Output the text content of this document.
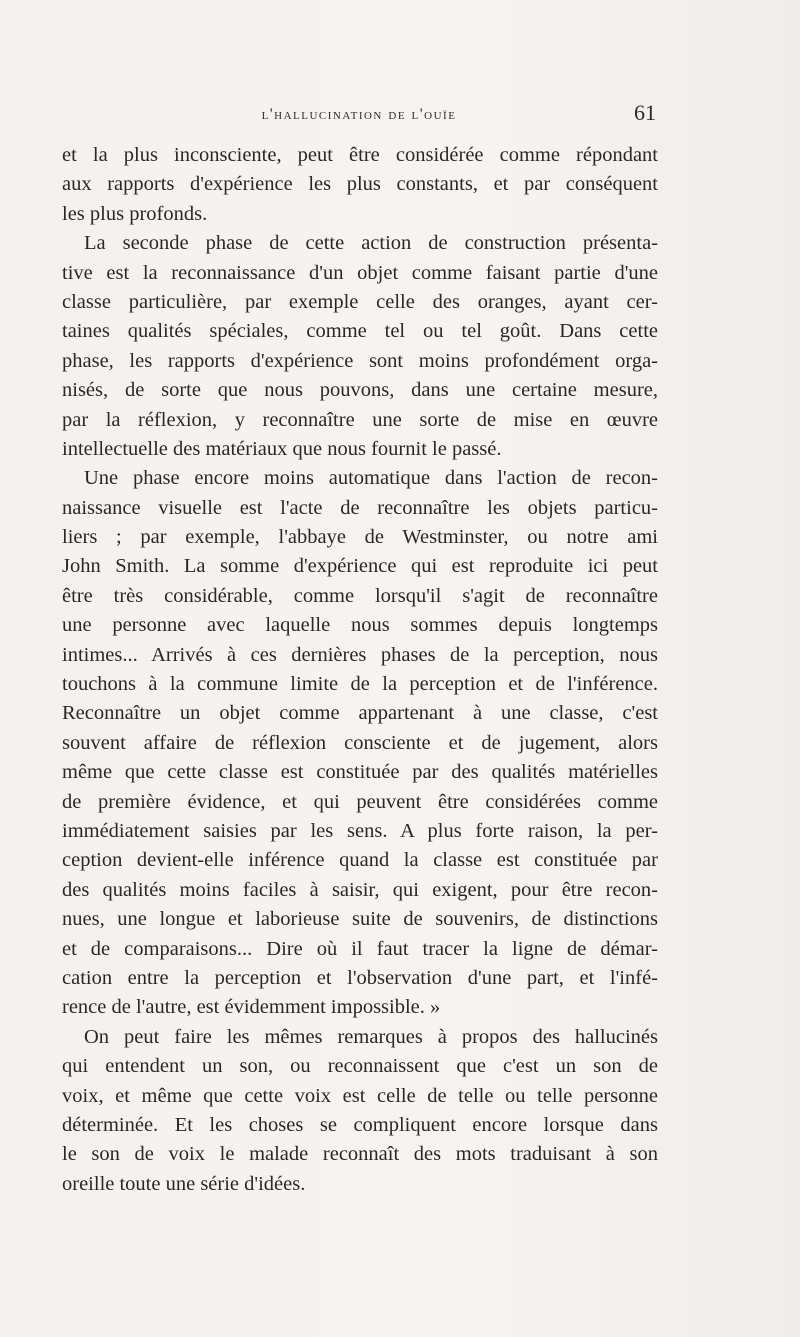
l'hallucination de l'ouïe	61
et la plus inconsciente, peut être considérée comme répondant
aux rapports d'expérience les plus constants, et par conséquent
les plus profonds.
La seconde phase de cette action de construction présenta-
tive est la reconnaissance d'un objet comme faisant partie d'une
classe particulière, par exemple celle des oranges, ayant cer-
taines qualités spéciales, comme tel ou tel goût. Dans cette
phase, les rapports d'expérience sont moins profondément orga-
nisés, de sorte que nous pouvons, dans une certaine mesure,
par la réflexion, y reconnaître une sorte de mise en œuvre
intellectuelle des matériaux que nous fournit le passé.
Une phase encore moins automatique dans l'action de recon-
naissance visuelle est l'acte de reconnaître les objets particu-
liers ; par exemple, l'abbaye de Westminster, ou notre ami
John Smith. La somme d'expérience qui est reproduite ici peut
être très considérable, comme lorsqu'il s'agit de reconnaître
une personne avec laquelle nous sommes depuis longtemps
intimes... Arrivés à ces dernières phases de la perception, nous
touchons à la commune limite de la perception et de l'inférence.
Reconnaître un objet comme appartenant à une classe, c'est
souvent affaire de réflexion consciente et de jugement, alors
même que cette classe est constituée par des qualités matérielles
de première évidence, et qui peuvent être considérées comme
immédiatement saisies par les sens. A plus forte raison, la per-
ception devient-elle inférence quand la classe est constituée par
des qualités moins faciles à saisir, qui exigent, pour être recon-
nues, une longue et laborieuse suite de souvenirs, de distinctions
et de comparaisons... Dire où il faut tracer la ligne de démar-
cation entre la perception et l'observation d'une part, et l'infé-
rence de l'autre, est évidemment impossible. »
On peut faire les mêmes remarques à propos des hallucinés
qui entendent un son, ou reconnaissent que c'est un son de
voix, et même que cette voix est celle de telle ou telle personne
déterminée. Et les choses se compliquent encore lorsque dans
le son de voix le malade reconnaît des mots traduisant à son
oreille toute une série d'idées.
